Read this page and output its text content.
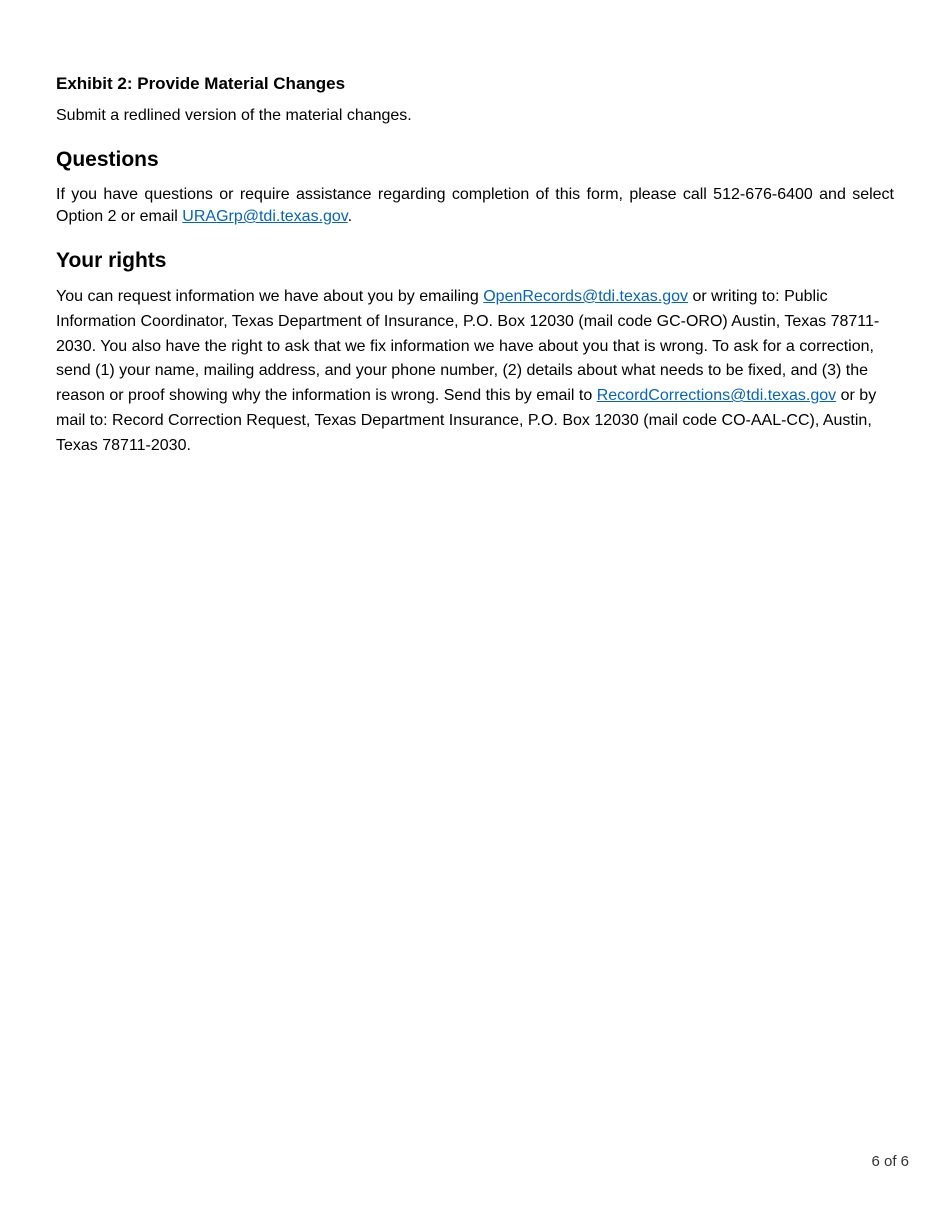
Exhibit 2: Provide Material Changes

Submit a redlined version of the material changes.

Questions

If you have questions or require assistance regarding completion of this form, please call 512-676-6400 and select Option 2 or email URAGrp@tdi.texas.gov.

Your rights

You can request information we have about you by emailing OpenRecords@tdi.texas.gov or writing to: Public Information Coordinator, Texas Department of Insurance, P.O. Box 12030 (mail code GC-ORO) Austin, Texas 78711-2030. You also have the right to ask that we fix information we have about you that is wrong. To ask for a correction, send (1) your name, mailing address, and your phone number, (2) details about what needs to be fixed, and (3) the reason or proof showing why the information is wrong. Send this by email to RecordCorrections@tdi.texas.gov or by mail to: Record Correction Request, Texas Department Insurance, P.O. Box 12030 (mail code CO-AAL-CC), Austin, Texas 78711-2030.

6 of 6
